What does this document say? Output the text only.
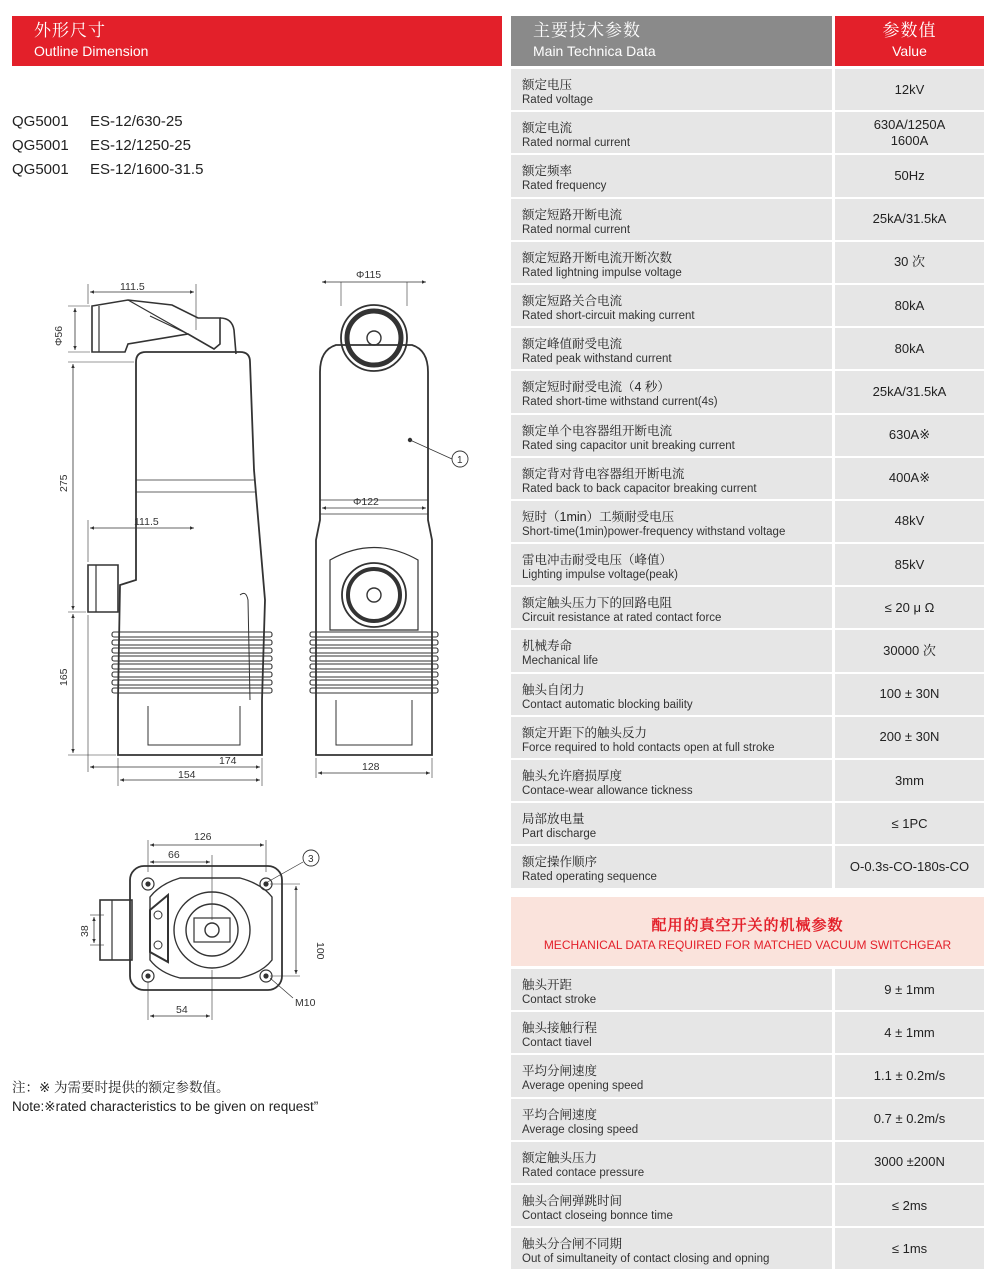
外形尺寸
Outline Dimension
主要技术参数
Main Technica Data
参数值
Value
QG5001 ES-12/630-25
QG5001 ES-12/1250-25
QG5001 ES-12/1600-31.5
111.5
Φ56
275
111.5
165
154
174
Φ115
Φ122
128
1
126
66
38
100
54
M10
3
注：※ 为需要时提供的额定参数值。
Note:※rated characteristics to be given on request”
额定电压
Rated voltage
12kV
额定电流
Rated normal current
630A/1250A
1600A
额定频率
Rated frequency
50Hz
额定短路开断电流
Rated normal current
25kA/31.5kA
额定短路开断电流开断次数
Rated lightning impulse voltage
30 次
额定短路关合电流
Rated short-circuit making current
80kA
额定峰值耐受电流
Rated peak withstand current
80kA
额定短时耐受电流（4 秒）
Rated short-time withstand current(4s)
25kA/31.5kA
额定单个电容器组开断电流
Rated sing capacitor unit breaking current
630A※
额定背对背电容器组开断电流
Rated back to back capacitor breaking current
400A※
短时（1min）工频耐受电压
Short-time(1min)power-frequency withstand voltage
48kV
雷电冲击耐受电压（峰值）
Lighting impulse voltage(peak)
85kV
额定触头压力下的回路电阻
Circuit resistance at rated contact force
≤ 20 μ Ω
机械寿命
Mechanical life
30000 次
触头自闭力
Contact automatic blocking baility
100 ± 30N
额定开距下的触头反力
Force required to hold contacts open at full stroke
200 ± 30N
触头允许磨损厚度
Contace-wear allowance tickness
3mm
局部放电量
Part discharge
≤ 1PC
额定操作顺序
Rated operating sequence
O-0.3s-CO-180s-CO
配用的真空开关的机械参数
MECHANICAL DATA REQUIRED FOR MATCHED VACUUM SWITCHGEAR
触头开距
Contact stroke
9 ± 1mm
触头接触行程
Contact tiavel
4 ± 1mm
平均分闸速度
Average opening speed
1.1 ± 0.2m/s
平均合闸速度
Average closing speed
0.7 ± 0.2m/s
额定触头压力
Rated contace pressure
3000 ±200N
触头合闸弹跳时间
Contact closeing bonnce time
≤ 2ms
触头分合闸不同期
Out of simultaneity of contact closing and opning
≤ 1ms
